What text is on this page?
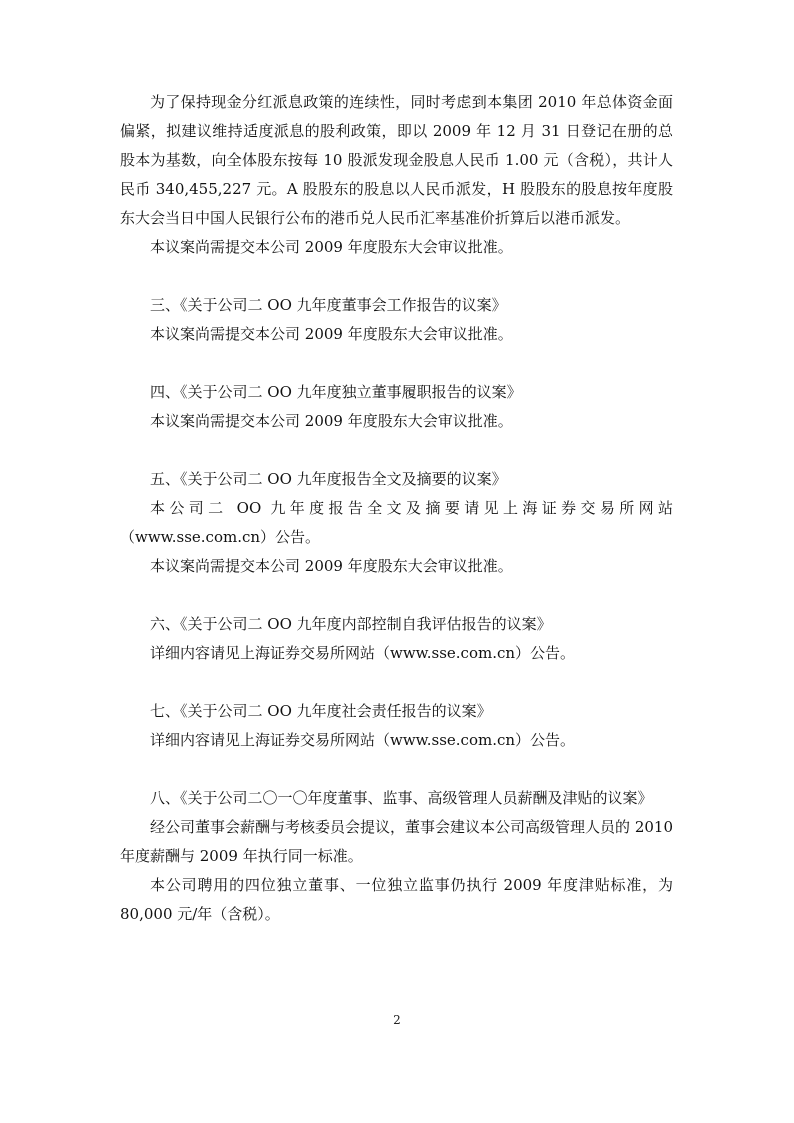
为了保持现金分红派息政策的连续性，同时考虑到本集团 2010 年总体资金面偏紧，拟建议维持适度派息的股利政策，即以 2009 年 12 月 31 日登记在册的总股本为基数，向全体股东按每 10 股派发现金股息人民币 1.00 元（含税），共计人民币 340,455,227 元。A 股股东的股息以人民币派发，H 股股东的股息按年度股东大会当日中国人民银行公布的港币兑人民币汇率基准价折算后以港币派发。

本议案尚需提交本公司 2009 年度股东大会审议批准。

三、《关于公司二 OO 九年度董事会工作报告的议案》

本议案尚需提交本公司 2009 年度股东大会审议批准。

四、《关于公司二 OO 九年度独立董事履职报告的议案》

本议案尚需提交本公司 2009 年度股东大会审议批准。

五、《关于公司二 OO 九年度报告全文及摘要的议案》

本公司二 OO 九年度报告全文及摘要请见上海证券交易所网站（www.sse.com.cn）公告。

本议案尚需提交本公司 2009 年度股东大会审议批准。

六、《关于公司二 OO 九年度内部控制自我评估报告的议案》

详细内容请见上海证券交易所网站（www.sse.com.cn）公告。

七、《关于公司二 OO 九年度社会责任报告的议案》

详细内容请见上海证券交易所网站（www.sse.com.cn）公告。

八、《关于公司二〇一〇年度董事、监事、高级管理人员薪酬及津贴的议案》

经公司董事会薪酬与考核委员会提议，董事会建议本公司高级管理人员的 2010 年度薪酬与 2009 年执行同一标准。

本公司聘用的四位独立董事、一位独立监事仍执行 2009 年度津贴标准，为 80,000 元/年（含税）。

2
